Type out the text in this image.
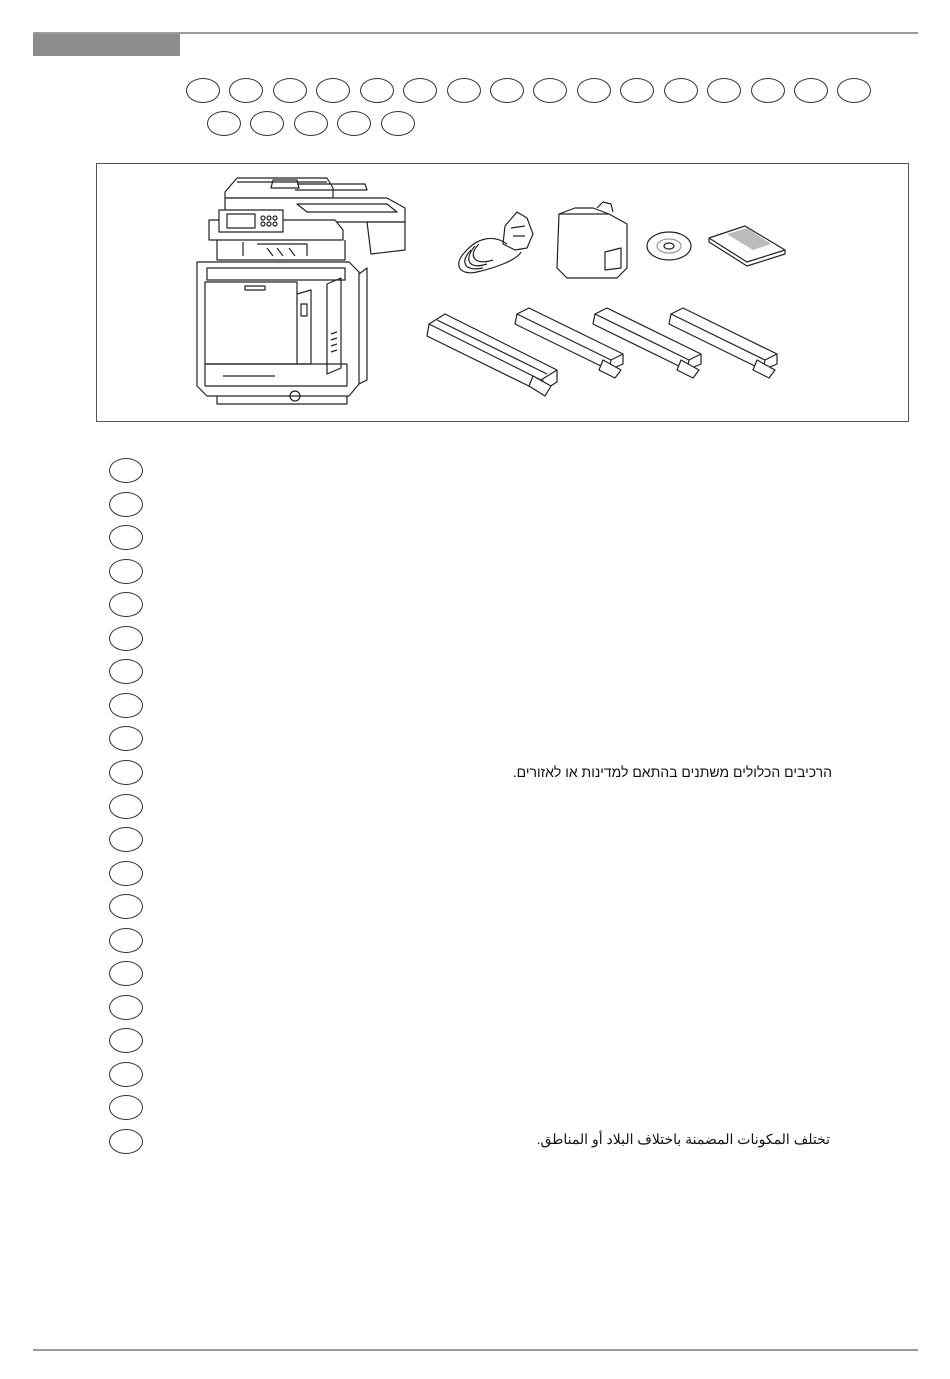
הרכיבים הכלולים משתנים בהתאם למדינות או לאזורים.
تختلف المكونات المضمنة باختلاف البلاد أو المناطق.
